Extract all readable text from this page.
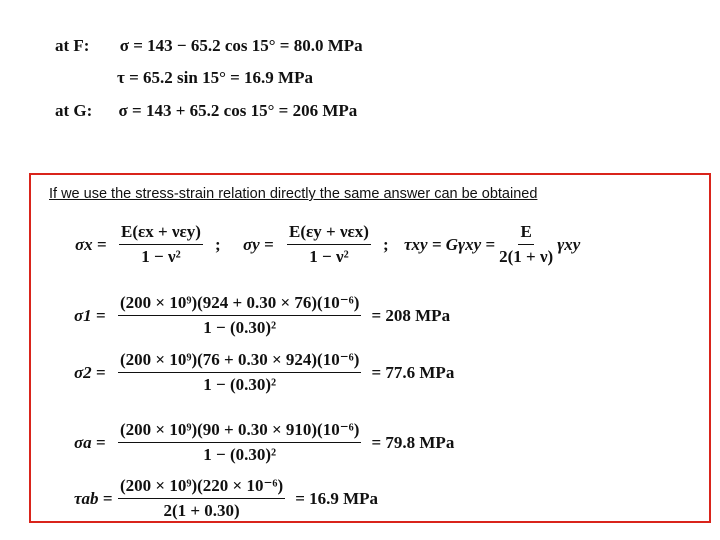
at F: σ = 143 − 65.2 cos 15° = 80.0 MPa
τ = 65.2 sin 15° = 16.9 MPa
at G: σ = 143 + 65.2 cos 15° = 206 MPa
If we use the stress-strain relation directly the same answer can be obtained
$\sigma x = \frac{\text{E(εx + νεy)}}{\text{1 − ν²}}$ ; $\sigma y = \frac{\text{E(εy + νεx)}}{\text{1 − ν²}}$ ; $\tau xy = G\gamma xy = \frac{E}{2(1 + \nu)}$ γxy
$\sigma 1 = \frac{\text{(200 × 10⁹)(924 + 0.30 × 76)(10⁻⁶)}}{\text{1 − (0.30)²}} = 208$ MPa
$\sigma 2 = \frac{\text{(200 × 10⁹)(76 + 0.30 × 924)(10⁻⁶)}}{\text{1 − (0.30)²}} = 77.6$ MPa
$\sigma a = \frac{\text{(200 × 10⁹)(90 + 0.30 × 910)(10⁻⁶)}}{\text{1 − (0.30)²}} = 79.8$ MPa
$\tau ab = \frac{\text{(200 × 10⁹)(220 × 10⁻⁶)}}{2(1 + 0.30)} = 16.9$ MPa
